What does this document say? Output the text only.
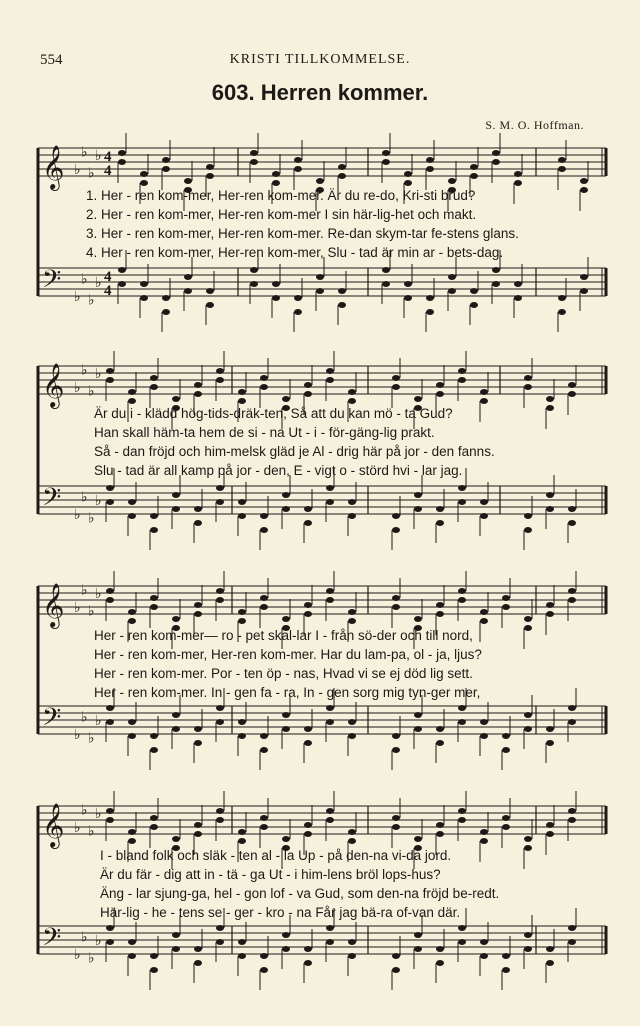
554	KRISTI TILLKOMMELSE.
603. Herren kommer.
S. M. O. Hoffman.
𝄞 ♭
♭
♭
♭ 4
4
𝄢 ♭
♭
♭
♭ 4
4
𝄞 ♭
♭
♭
♭
𝄢 ♭
♭
♭
♭
𝄞 ♭
♭
♭
♭
𝄢 ♭
♭
♭
♭
𝄞 ♭
♭
♭
♭
𝄢 ♭
♭
♭
♭
1. Her - ren kom-mer, Her-ren kom-mer. Är du re-do, Kri-sti brud?
2. Her - ren kom-mer, Her-ren kom-mer I sin här-lig-het och makt.
3. Her - ren kom-mer, Her-ren kom-mer. Re-dan skym-tar fe-stens glans.
4. Her - ren kom-mer, Her-ren kom-mer, Slu - tad är min ar - bets-dag.
Är du i - klädd hög-tids-dräk-ten, Så att du kan mö - ta Gud?
Han skall häm-ta hem de si - na Ut - i - för-gäng-lig prakt.
Så - dan fröjd och him-melsk gläd je Al - drig här på jor - den fanns.
Slu - tad är all kamp på jor - den, E - vigt o - störd hvi - lar jag.
Her - ren kom-mer— ro - pet skal-lar I - från sö-der och till nord,
Her - ren kom-mer, Her-ren kom-mer. Har du lam-pa, ol - ja, ljus?
Her - ren kom-mer. Por - ten öp - nas, Hvad vi se ej död lig sett.
Her - ren kom-mer. In - gen fa - ra, In - gen sorg mig tyn-ger mer,
I - bland folk och släk - ten al - la Up - på den-na vi-da jord.
Är du fär - dig att in - tä - ga Ut - i him-lens bröl lops-hus?
Äng - lar sjung-ga, hel - gon lof - va Gud, som den-na fröjd be-redt.
Här-lig - he - tens se - ger - kro - na Får jag bä-ra of-van där.
